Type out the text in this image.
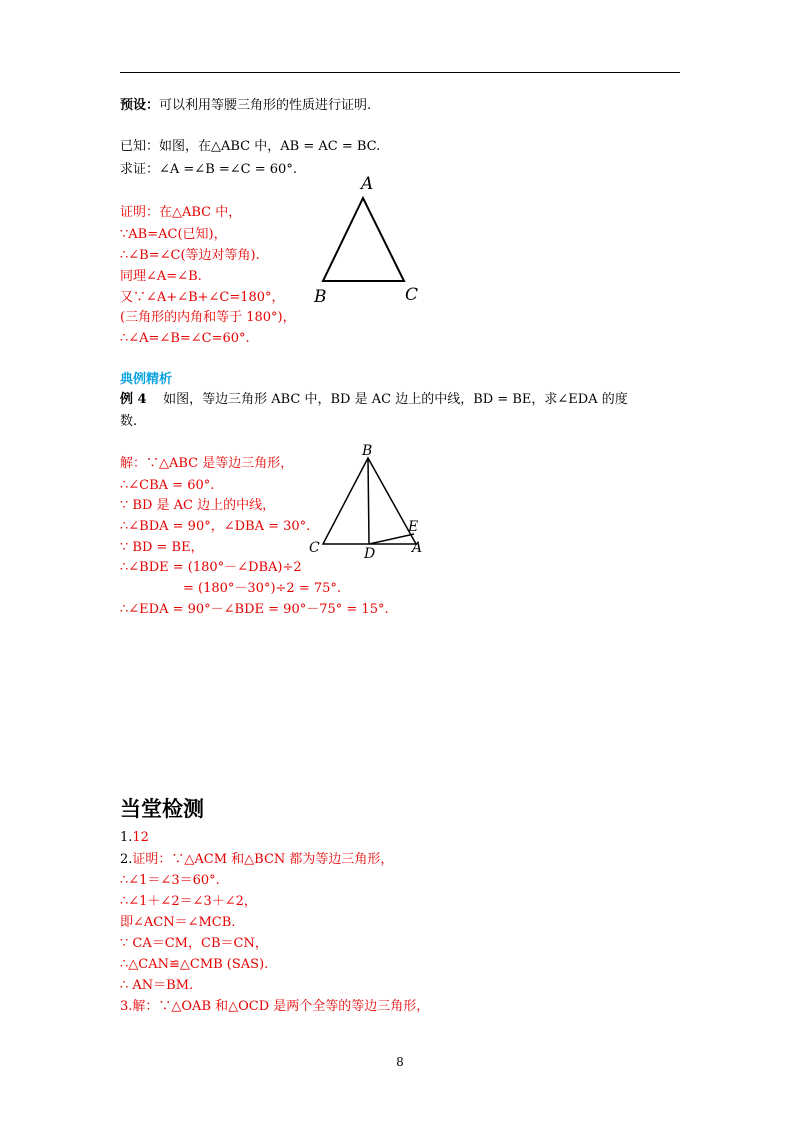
预设：可以利用等腰三角形的性质进行证明.
已知：如图，在△ABC 中，AB = AC = BC.
求证：∠A =∠B =∠C = 60°.
证明：在△ABC 中，
∵AB=AC(已知)，
∴∠B=∠C(等边对等角).
同理∠A=∠B.
又∵∠A+∠B+∠C=180°，
(三角形的内角和等于 180°)，
∴∠A=∠B=∠C=60°.
A
B	C
典例精析
例 4 如图，等边三角形 ABC 中，BD 是 AC 边上的中线，BD = BE，求∠EDA 的度
数.
解：∵△ABC 是等边三角形，
∴∠CBA = 60°.
∵ BD 是 AC 边上的中线，
∴∠BDA = 90°，∠DBA = 30°.
∵ BD = BE，
∴∠BDE = (180°－∠DBA)÷2
= (180°－30°)÷2 = 75°.
∴∠EDA = 90°－∠BDE = 90°－75° = 15°.
B
C	D	A
E
当堂检测
1.12
2.证明：∵△ACM 和△BCN 都为等边三角形，
∴∠1＝∠3＝60°.
∴∠1＋∠2＝∠3＋∠2，
即∠ACN＝∠MCB.
∵ CA＝CM，CB＝CN，
∴△CAN≌△CMB (SAS).
∴ AN＝BM.
3.解：∵△OAB 和△OCD 是两个全等的等边三角形，
8
